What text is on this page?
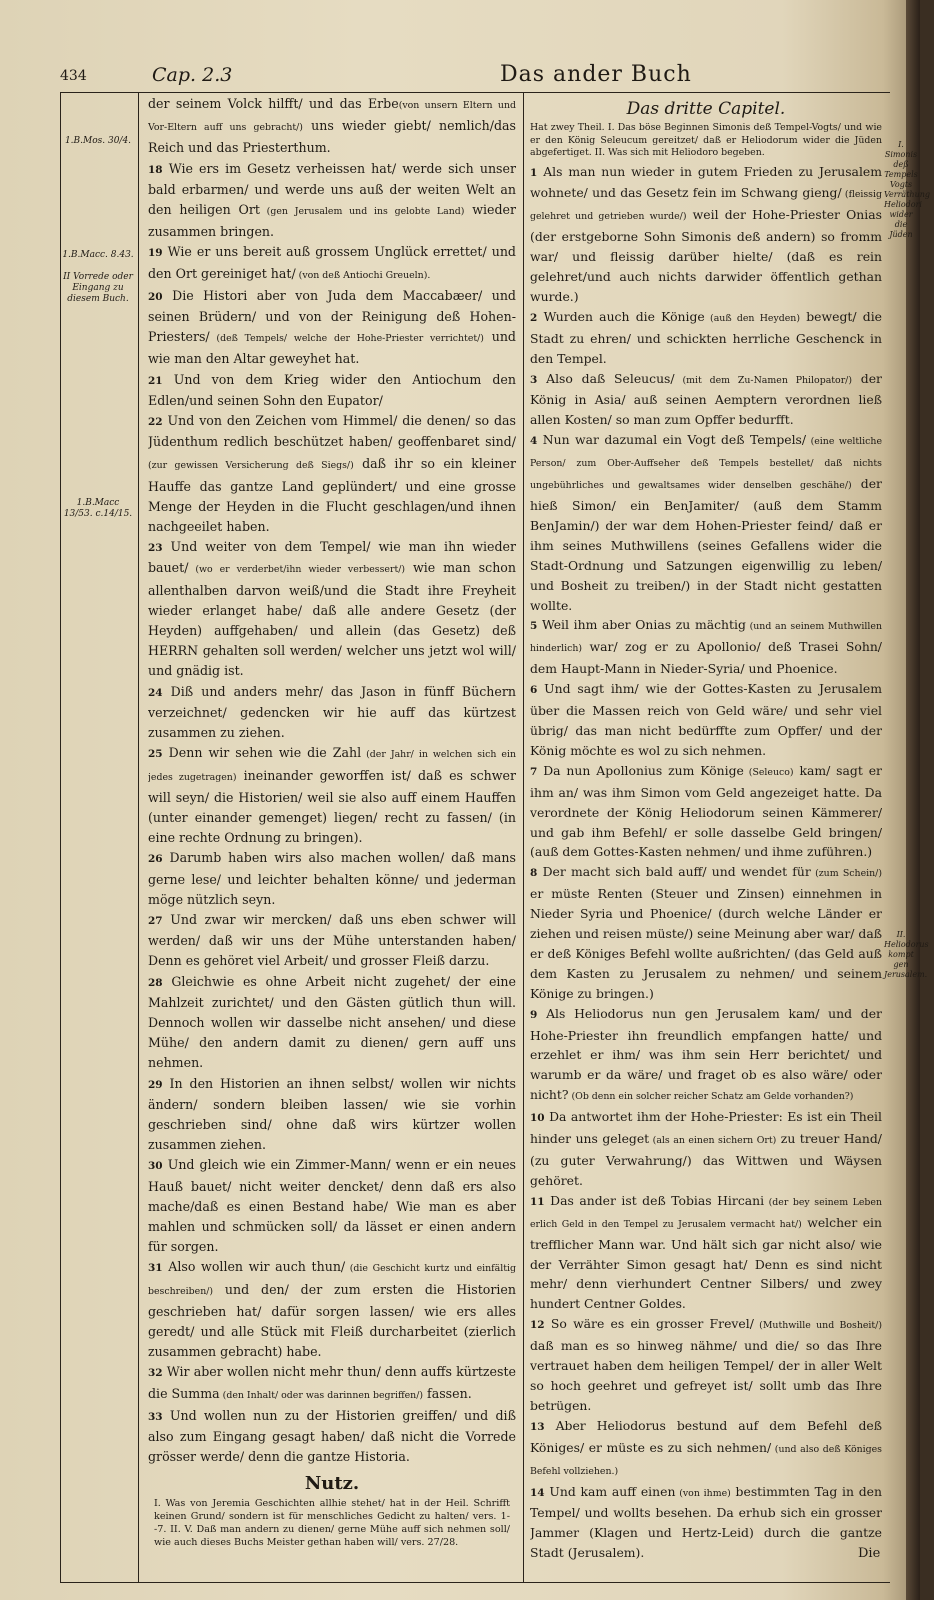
434	Cap. 2.3	Das ander Buch
1.B.Mos. 30/4.
1.B.Macc. 8.43.
II Vorrede oder Eingang zu diesem Buch.
1.B.Macc 13/53. c.14/15.
I. Simonis deß Tempels Vogts Verräthung Heliodori wider die Jüden
II. Heliodorus kompt gen Jerusalem.

der seinem Volck hilfft/ und das Erbe(von unsern Eltern und Vor-Eltern auff uns gebracht/) uns wieder giebt/ nemlich/das Reich und das Priesterthum.

18 Wie ers im Gesetz verheissen hat/ werde sich unser bald erbarmen/ und werde uns auß der weiten Welt an den heiligen Ort (gen Jerusalem und ins gelobte Land) wieder zusammen bringen.

19 Wie er uns bereit auß grossem Unglück errettet/ und den Ort gereiniget hat/ (von deß Antiochi Greueln).

20 Die Histori aber von Juda dem Maccabæer/ und seinen Brüdern/ und von der Reinigung deß Hohen-Priesters/ (deß Tempels/ welche der Hohe-Priester verrichtet/) und wie man den Altar geweyhet hat.

21 Und von dem Krieg wider den Antiochum den Edlen/und seinen Sohn den Eupator/

22 Und von den Zeichen vom Himmel/ die denen/ so das Jüdenthum redlich beschützet haben/ geoffenbaret sind/ (zur gewissen Versicherung deß Siegs/) daß ihr so ein kleiner Hauffe das gantze Land geplündert/ und eine grosse Menge der Heyden in die Flucht geschlagen/und ihnen nachgeeilet haben.

23 Und weiter von dem Tempel/ wie man ihn wieder bauet/ (wo er verderbet/ihn wieder verbessert/) wie man schon allenthalben darvon weiß/und die Stadt ihre Freyheit wieder erlanget habe/ daß alle andere Gesetz (der Heyden) auffgehaben/ und allein (das Gesetz) deß HERRN gehalten soll werden/ welcher uns jetzt wol will/ und gnädig ist.

24 Diß und anders mehr/ das Jason in fünff Büchern verzeichnet/ gedencken wir hie auff das kürtzest zusammen zu ziehen.

25 Denn wir sehen wie die Zahl (der Jahr/ in welchen sich ein jedes zugetragen) ineinander geworffen ist/ daß es schwer will seyn/ die Historien/ weil sie also auff einem Hauffen (unter einander gemenget) liegen/ recht zu fassen/ (in eine rechte Ordnung zu bringen).

26 Darumb haben wirs also machen wollen/ daß mans gerne lese/ und leichter behalten könne/ und jederman möge nützlich seyn.

27 Und zwar wir mercken/ daß uns eben schwer will werden/ daß wir uns der Mühe unterstanden haben/ Denn es gehöret viel Arbeit/ und grosser Fleiß darzu.

28 Gleichwie es ohne Arbeit nicht zugehet/ der eine Mahlzeit zurichtet/ und den Gästen gütlich thun will. Dennoch wollen wir dasselbe nicht ansehen/ und diese Mühe/ den andern damit zu dienen/ gern auff uns nehmen.

29 In den Historien an ihnen selbst/ wollen wir nichts ändern/ sondern bleiben lassen/ wie sie vorhin geschrieben sind/ ohne daß wirs kürtzer wollen zusammen ziehen.

30 Und gleich wie ein Zimmer-Mann/ wenn er ein neues Hauß bauet/ nicht weiter dencket/ denn daß ers also mache/daß es einen Bestand habe/ Wie man es aber mahlen und schmücken soll/ da lässet er einen andern für sorgen.

31 Also wollen wir auch thun/ (die Geschicht kurtz und einfältig beschreiben/) und den/ der zum ersten die Historien geschrieben hat/ dafür sorgen lassen/ wie ers alles geredt/ und alle Stück mit Fleiß durcharbeitet (zierlich zusammen gebracht) habe.

32 Wir aber wollen nicht mehr thun/ denn auffs kürtzeste die Summa (den Inhalt/ oder was darinnen begriffen/) fassen.

33 Und wollen nun zu der Historien greiffen/ und diß also zum Eingang gesagt haben/ daß nicht die Vorrede grösser werde/ denn die gantze Historia.

Nutz.
I. Was von Jeremia Geschichten allhie stehet/ hat in der Heil. Schrifft keinen Grund/ sondern ist für menschliches Gedicht zu halten/ vers. 1--7. II. V. Daß man andern zu dienen/ gerne Mühe auff sich nehmen soll/ wie auch dieses Buchs Meister gethan haben will/ vers. 27/28.
Das dritte Capitel.
Hat zwey Theil. I. Das böse Beginnen Simonis deß Tempel-Vogts/ und wie er den König Seleucum gereitzet/ daß er Heliodorum wider die Jüden abgefertiget. II. Was sich mit Heliodoro begeben.

1 Als man nun wieder in gutem Frieden zu Jerusalem wohnete/ und das Gesetz fein im Schwang gieng/ (fleissig gelehret und getrieben wurde/) weil der Hohe-Priester Onias (der erstgeborne Sohn Simonis deß andern) so fromm war/ und fleissig darüber hielte/ (daß es rein gelehret/und auch nichts darwider öffentlich gethan wurde.)

2 Wurden auch die Könige (auß den Heyden) bewegt/ die Stadt zu ehren/ und schickten herrliche Geschenck in den Tempel.

3 Also daß Seleucus/ (mit dem Zu-Namen Philopator/) der König in Asia/ auß seinen Aemptern verordnen ließ allen Kosten/ so man zum Opffer bedurfft.

4 Nun war dazumal ein Vogt deß Tempels/ (eine weltliche Person/ zum Ober-Auffseher deß Tempels bestellet/ daß nichts ungebührliches und gewaltsames wider denselben geschähe/) der hieß Simon/ ein BenJamiter/ (auß dem Stamm BenJamin/) der war dem Hohen-Priester feind/ daß er ihm seines Muthwillens (seines Gefallens wider die Stadt-Ordnung und Satzungen eigenwillig zu leben/ und Bosheit zu treiben/) in der Stadt nicht gestatten wollte.

5 Weil ihm aber Onias zu mächtig (und an seinem Muthwillen hinderlich) war/ zog er zu Apollonio/ deß Trasei Sohn/ dem Haupt-Mann in Nieder-Syria/ und Phoenice.

6 Und sagt ihm/ wie der Gottes-Kasten zu Jerusalem über die Massen reich von Geld wäre/ und sehr viel übrig/ das man nicht bedürffte zum Opffer/ und der König möchte es wol zu sich nehmen.

7 Da nun Apollonius zum Könige (Seleuco) kam/ sagt er ihm an/ was ihm Simon vom Geld angezeiget hatte. Da verordnete der König Heliodorum seinen Kämmerer/ und gab ihm Befehl/ er solle dasselbe Geld bringen/ (auß dem Gottes-Kasten nehmen/ und ihme zuführen.)

8 Der macht sich bald auff/ und wendet für (zum Schein/) er müste Renten (Steuer und Zinsen) einnehmen in Nieder Syria und Phoenice/ (durch welche Länder er ziehen und reisen müste/) seine Meinung aber war/ daß er deß Königes Befehl wollte außrichten/ (das Geld auß dem Kasten zu Jerusalem zu nehmen/ und seinem Könige zu bringen.)

9 Als Heliodorus nun gen Jerusalem kam/ und der Hohe-Priester ihn freundlich empfangen hatte/ und erzehlet er ihm/ was ihm sein Herr berichtet/ und warumb er da wäre/ und fraget ob es also wäre/ oder nicht? (Ob denn ein solcher reicher Schatz am Gelde vorhanden?)

10 Da antwortet ihm der Hohe-Priester: Es ist ein Theil hinder uns geleget (als an einen sichern Ort) zu treuer Hand/ (zu guter Verwahrung/) das Wittwen und Wäysen gehöret.

11 Das ander ist deß Tobias Hircani (der bey seinem Leben erlich Geld in den Tempel zu Jerusalem vermacht hat/) welcher ein trefflicher Mann war. Und hält sich gar nicht also/ wie der Verrähter Simon gesagt hat/ Denn es sind nicht mehr/ denn vierhundert Centner Silbers/ und zwey hundert Centner Goldes.

12 So wäre es ein grosser Frevel/ (Muthwille und Bosheit/) daß man es so hinweg nähme/ und die/ so das Ihre vertrauet haben dem heiligen Tempel/ der in aller Welt so hoch geehret und gefreyet ist/ sollt umb das Ihre betrügen.

13 Aber Heliodorus bestund auf dem Befehl deß Königes/ er müste es zu sich nehmen/ (und also deß Königes Befehl vollziehen.)

14 Und kam auff einen (von ihme) bestimmten Tag in den Tempel/ und wollts besehen. Da erhub sich ein grosser Jammer (Klagen und Hertz-Leid) durch die gantze Stadt (Jerusalem).	Die
